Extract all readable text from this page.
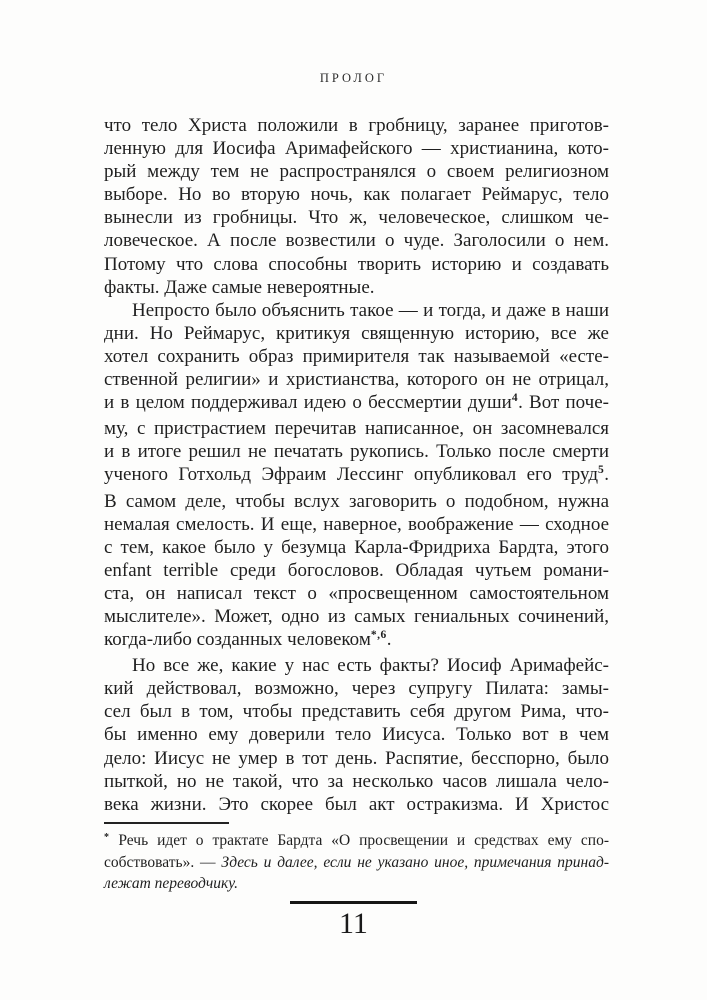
ПРОЛОГ
что тело Христа положили в гробницу, заранее приготов-
ленную для Иосифа Аримафейского — христианина, кото-
рый между тем не распространялся о своем религиозном
выборе. Но во вторую ночь, как полагает Реймарус, тело
вынесли из гробницы. Что ж, человеческое, слишком че-
ловеческое. А после возвестили о чуде. Заголосили о нем.
Потому что слова способны творить историю и создавать
факты. Даже самые невероятные.
Непросто было объяснить такое — и тогда, и даже в наши
дни. Но Реймарус, критикуя священную историю, все же
хотел сохранить образ примирителя так называемой «есте-
ственной религии» и христианства, которого он не отрицал,
и в целом поддерживал идею о бессмертии души$^4$. Вот поче-
му, с пристрастием перечитав написанное, он засомневался
и в итоге решил не печатать рукопись. Только после смерти
ученого Готхольд Эфраим Лессинг опубликовал его труд$^5$.
В самом деле, чтобы вслух заговорить о подобном, нужна
немалая смелость. И еще, наверное, воображение — сходное
с тем, какое было у безумца Карла-Фридриха Бардта, этого
enfant terrible среди богословов. Обладая чутьем романи-
ста, он написал текст о «просвещенном самостоятельном
мыслителе». Может, одно из самых гениальных сочинений,
когда-либо созданных человеком$^{*,6}$.
Но все же, какие у нас есть факты? Иосиф Аримафейс-
кий действовал, возможно, через супругу Пилата: замы-
сел был в том, чтобы представить себя другом Рима, что-
бы именно ему доверили тело Иисуса. Только вот в чем
дело: Иисус не умер в тот день. Распятие, бесспорно, было
пыткой, но не такой, что за несколько часов лишала чело-
века жизни. Это скорее был акт остракизма. И Христос
* Речь идет о трактате Бардта «О просвещении и средствах ему спо-
собствовать». — Здесь и далее, если не указано иное, примечания принад-
лежат переводчику.
11
